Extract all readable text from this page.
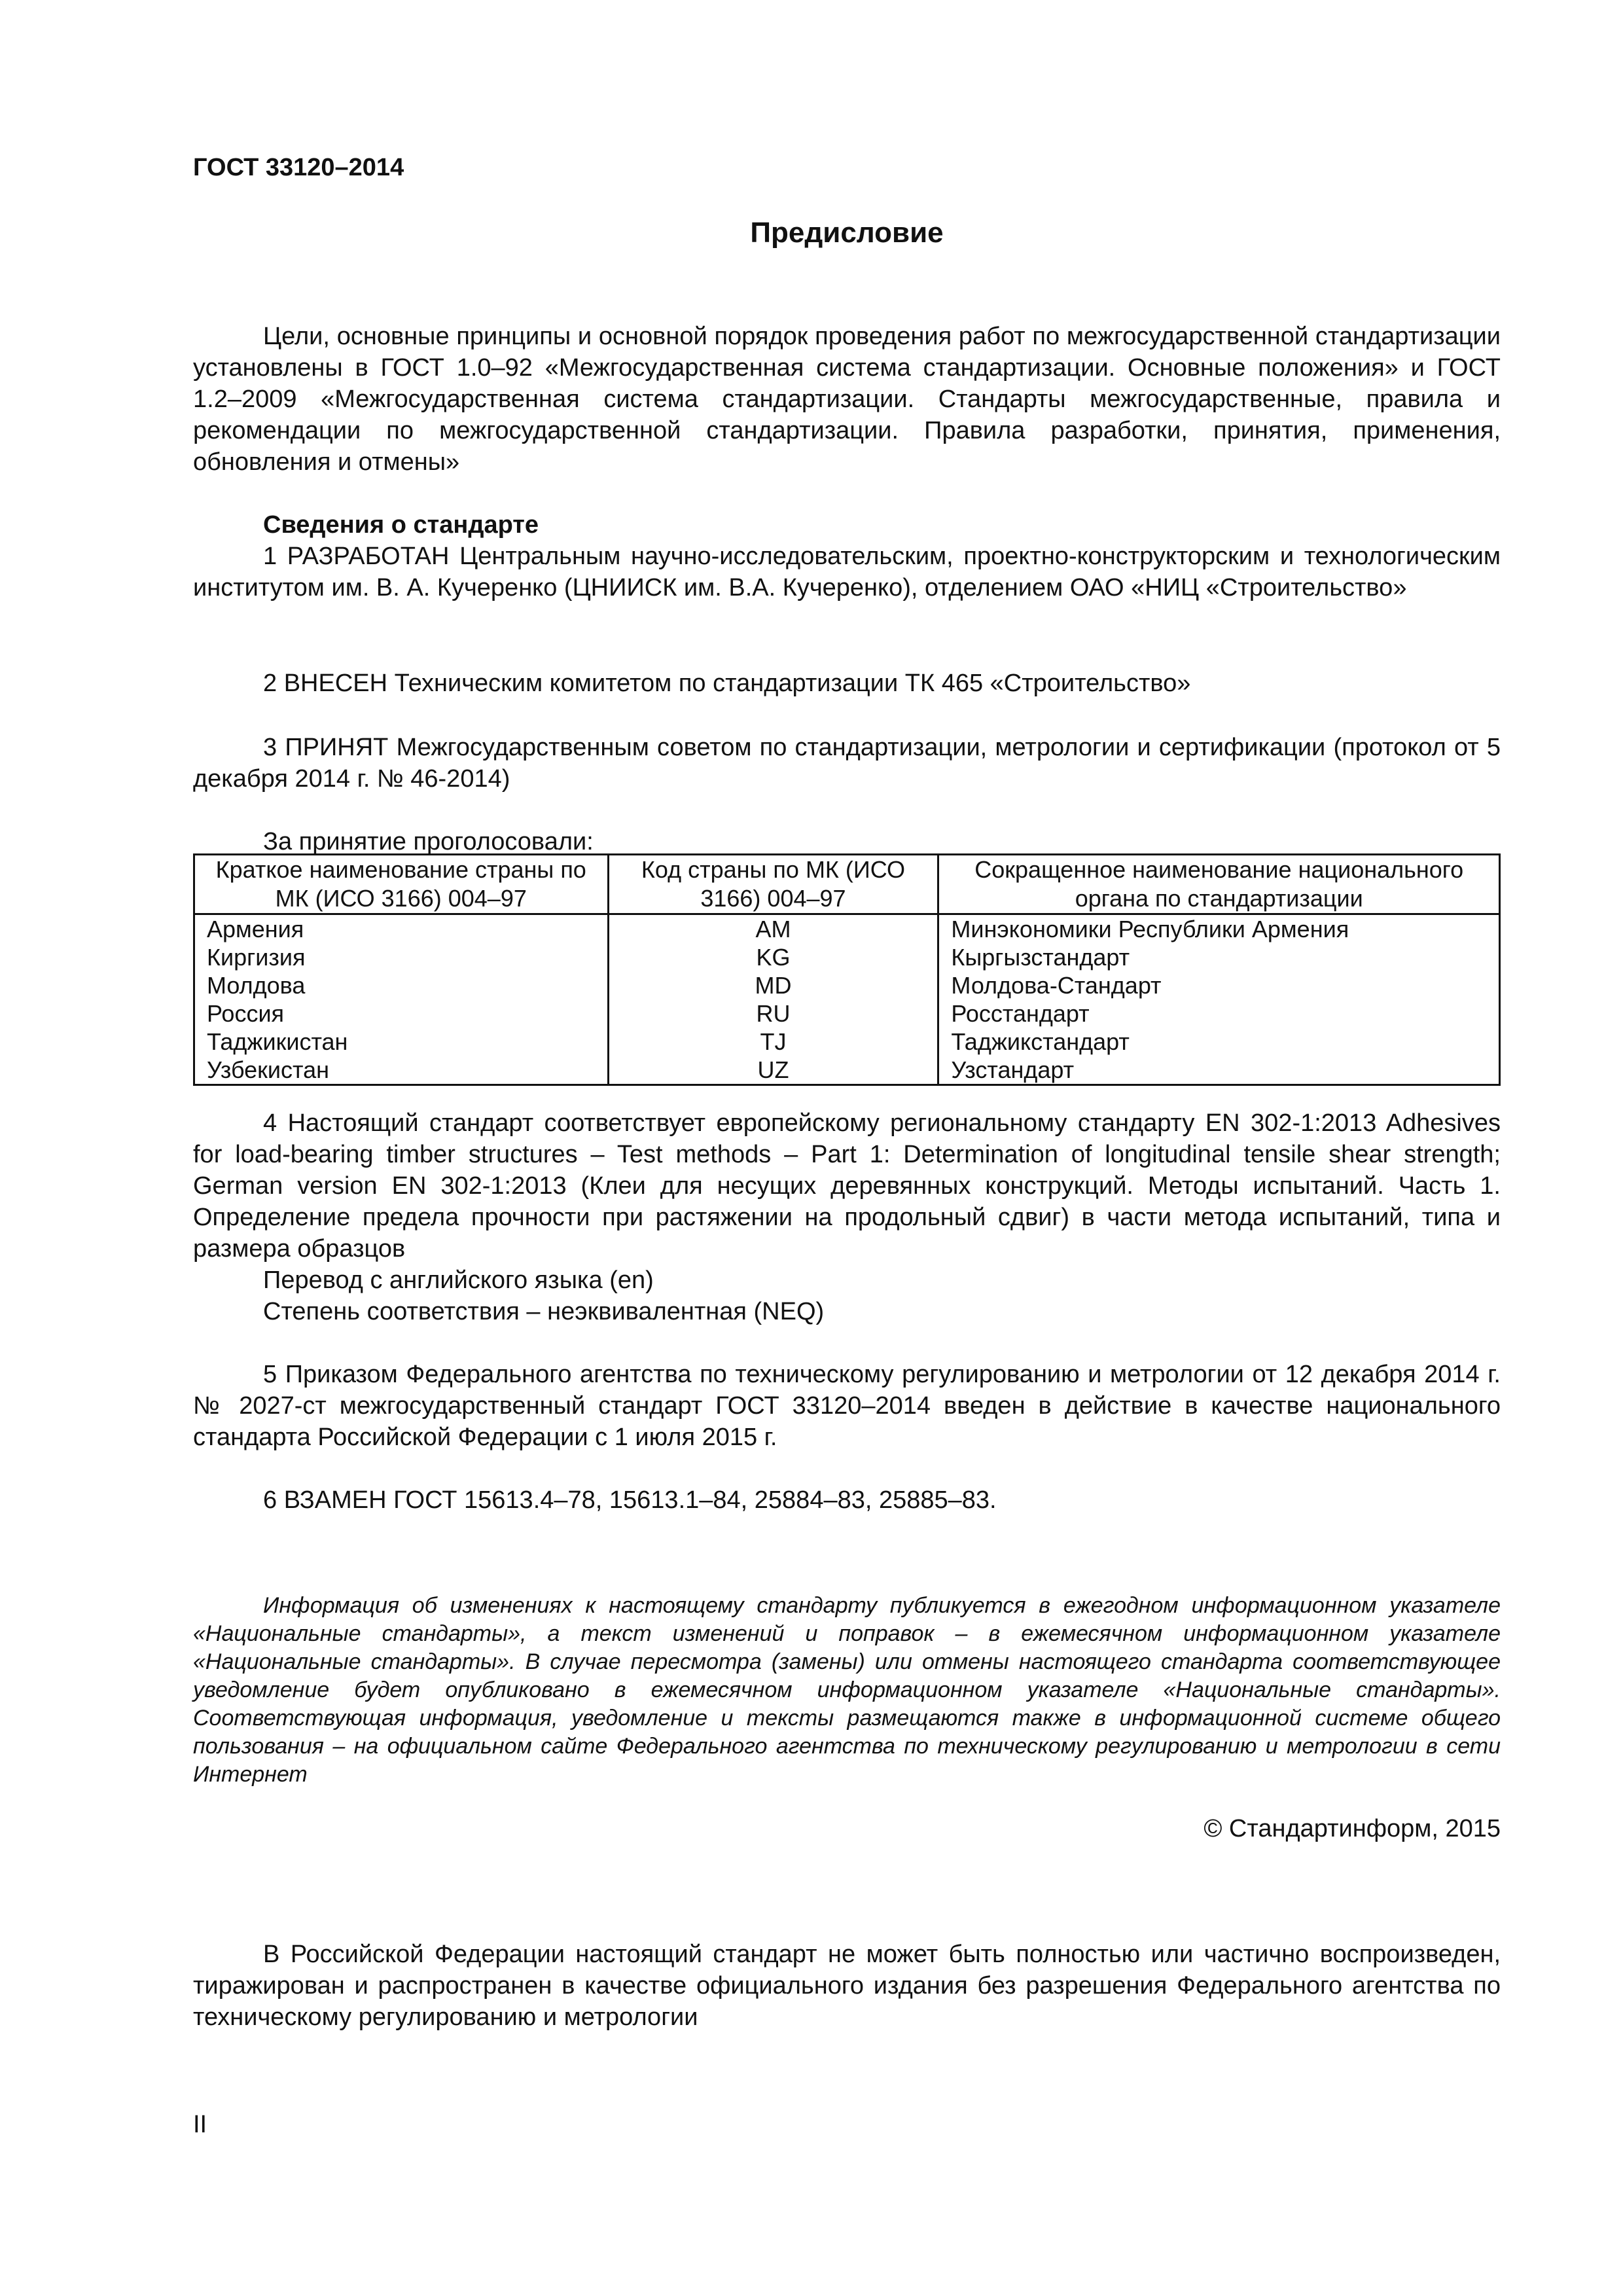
ГОСТ 33120–2014
Предисловие

Цели, основные принципы и основной порядок проведения работ по межгосударственной стандартизации установлены в ГОСТ 1.0–92 «Межгосударственная система стандартизации. Основные положения» и ГОСТ 1.2–2009 «Межгосударственная система стандартизации. Стандарты межгосударственные, правила и рекомендации по межгосударственной стандартизации. Правила разработки, принятия, применения, обновления и отмены»

Сведения о стандарте

1 РАЗРАБОТАН Центральным научно-исследовательским, проектно-конструкторским и технологическим институтом им. В. А. Кучеренко (ЦНИИСК им. В.А. Кучеренко), отделением ОАО «НИЦ «Строительство»

2 ВНЕСЕН Техническим комитетом по стандартизации ТК 465 «Строительство»

3 ПРИНЯТ Межгосударственным советом по стандартизации, метрологии и сертификации (протокол от 5 декабря 2014 г. № 46-2014)

За принятие проголосовали:

Краткое наименование страны по МК (ИСО 3166) 004–97	Код страны по МК (ИСО 3166) 004–97	Сокращенное наименование национального органа по стандартизации
Армения	AM	Минэкономики Республики Армения
Киргизия	KG	Кыргызстандарт
Молдова	MD	Молдова-Стандарт
Россия	RU	Росстандарт
Таджикистан	TJ	Таджикстандарт
Узбекистан	UZ	Узстандарт

4 Настоящий стандарт соответствует европейскому региональному стандарту EN 302-1:2013 Adhesives for load-bearing timber structures – Test methods – Part 1: Determination of longitudinal tensile shear strength; German version EN 302-1:2013 (Клеи для несущих деревянных конструкций. Методы испытаний. Часть 1. Определение предела прочности при растяжении на продольный сдвиг) в части метода испытаний, типа и размера образцов

Перевод с английского языка (en)

Степень соответствия – неэквивалентная (NEQ)

5 Приказом Федерального агентства по техническому регулированию и метрологии от 12 декабря 2014 г. № 2027-ст межгосударственный стандарт ГОСТ 33120–2014 введен в действие в качестве национального стандарта Российской Федерации с 1 июля 2015 г.

6 ВЗАМЕН ГОСТ 15613.4–78, 15613.1–84, 25884–83, 25885–83.

Информация об изменениях к настоящему стандарту публикуется в ежегодном информационном указателе «Национальные стандарты», а текст изменений и поправок – в ежемесячном информационном указателе «Национальные стандарты». В случае пересмотра (замены) или отмены настоящего стандарта соответствующее уведомление будет опубликовано в ежемесячном информационном указателе «Национальные стандарты». Соответствующая информация, уведомление и тексты размещаются также в информационной системе общего пользования – на официальном сайте Федерального агентства по техническому регулированию и метрологии в сети Интернет

© Стандартинформ, 2015

В Российской Федерации настоящий стандарт не может быть полностью или частично воспроизведен, тиражирован и распространен в качестве официального издания без разрешения Федерального агентства по техническому регулированию и метрологии

II
